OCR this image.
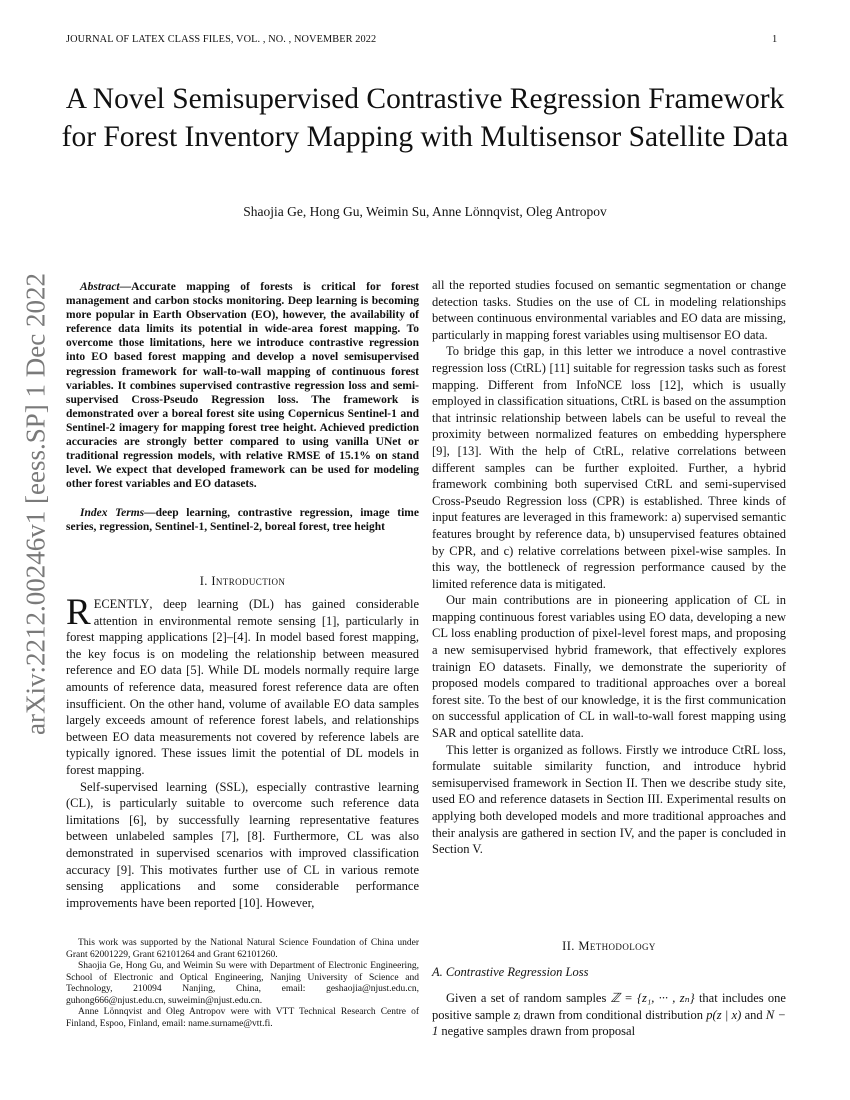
JOURNAL OF LATEX CLASS FILES, VOL. , NO. , NOVEMBER 2022	1
arXiv:2212.00246v1 [eess.SP] 1 Dec 2022
A Novel Semisupervised Contrastive Regression Framework for Forest Inventory Mapping with Multisensor Satellite Data
Shaojia Ge, Hong Gu, Weimin Su, Anne Lönnqvist, Oleg Antropov
Abstract—Accurate mapping of forests is critical for forest management and carbon stocks monitoring. Deep learning is becoming more popular in Earth Observation (EO), however, the availability of reference data limits its potential in wide-area forest mapping. To overcome those limitations, here we introduce contrastive regression into EO based forest mapping and develop a novel semisupervised regression framework for wall-to-wall mapping of continuous forest variables. It combines supervised contrastive regression loss and semi-supervised Cross-Pseudo Regression loss. The framework is demonstrated over a boreal forest site using Copernicus Sentinel-1 and Sentinel-2 imagery for mapping forest tree height. Achieved prediction accuracies are strongly better compared to using vanilla UNet or traditional regression models, with relative RMSE of 15.1% on stand level. We expect that developed framework can be used for modeling other forest variables and EO datasets.
Index Terms—deep learning, contrastive regression, image time series, regression, Sentinel-1, Sentinel-2, boreal forest, tree height
I. Introduction

RECENTLY, deep learning (DL) has gained considerable attention in environmental remote sensing [1], particularly in forest mapping applications [2]–[4]. In model based forest mapping, the key focus is on modeling the relationship between measured reference and EO data [5]. While DL models normally require large amounts of reference data, measured forest reference data are often insufficient. On the other hand, volume of available EO data samples largely exceeds amount of reference forest labels, and relationships between EO data measurements not covered by reference labels are typically ignored. These issues limit the potential of DL models in forest mapping.

Self-supervised learning (SSL), especially contrastive learning (CL), is particularly suitable to overcome such reference data limitations [6], by successfully learning representative features between unlabeled samples [7], [8]. Furthermore, CL was also demonstrated in supervised scenarios with improved classification accuracy [9]. This motivates further use of CL in various remote sensing applications and some considerable performance improvements have been reported [10]. However,

This work was supported by the National Natural Science Foundation of China under Grant 62001229, Grant 62101264 and Grant 62101260.

Shaojia Ge, Hong Gu, and Weimin Su were with Department of Electronic Engineering, School of Electronic and Optical Engineering, Nanjing University of Science and Technology, 210094 Nanjing, China, email: geshaojia@njust.edu.cn, guhong666@njust.edu.cn, suweimin@njust.edu.cn.

Anne Lönnqvist and Oleg Antropov were with VTT Technical Research Centre of Finland, Espoo, Finland, email: name.surname@vtt.fi.

all the reported studies focused on semantic segmentation or change detection tasks. Studies on the use of CL in modeling relationships between continuous environmental variables and EO data are missing, particularly in mapping forest variables using multisensor EO data.

To bridge this gap, in this letter we introduce a novel contrastive regression loss (CtRL) [11] suitable for regression tasks such as forest mapping. Different from InfoNCE loss [12], which is usually employed in classification situations, CtRL is based on the assumption that intrinsic relationship between labels can be useful to reveal the proximity between normalized features on embedding hypersphere [9], [13]. With the help of CtRL, relative correlations between different samples can be further exploited. Further, a hybrid framework combining both supervised CtRL and semi-supervised Cross-Pseudo Regression loss (CPR) is established. Three kinds of input features are leveraged in this framework: a) supervised semantic features brought by reference data, b) unsupervised features obtained by CPR, and c) relative correlations between pixel-wise samples. In this way, the bottleneck of regression performance caused by the limited reference data is mitigated.

Our main contributions are in pioneering application of CL in mapping continuous forest variables using EO data, developing a new CL loss enabling production of pixel-level forest maps, and proposing a new semisupervised hybrid framework, that effectively explores trainign EO datasets. Finally, we demonstrate the superiority of proposed models compared to traditional approaches over a boreal forest site. To the best of our knowledge, it is the first communication on successful application of CL in wall-to-wall forest mapping using SAR and optical satellite data.

This letter is organized as follows. Firstly we introduce CtRL loss, formulate suitable similarity function, and introduce hybrid semisupervised framework in Section II. Then we describe study site, used EO and reference datasets in Section III. Experimental results on applying both developed models and more traditional approaches and their analysis are gathered in section IV, and the paper is concluded in Section V.

II. Methodology
A. Contrastive Regression Loss

Given a set of random samples ℤ = {z₁, ··· , zₙ} that includes one positive sample zᵢ drawn from conditional distribution p(z | x) and N − 1 negative samples drawn from proposal
